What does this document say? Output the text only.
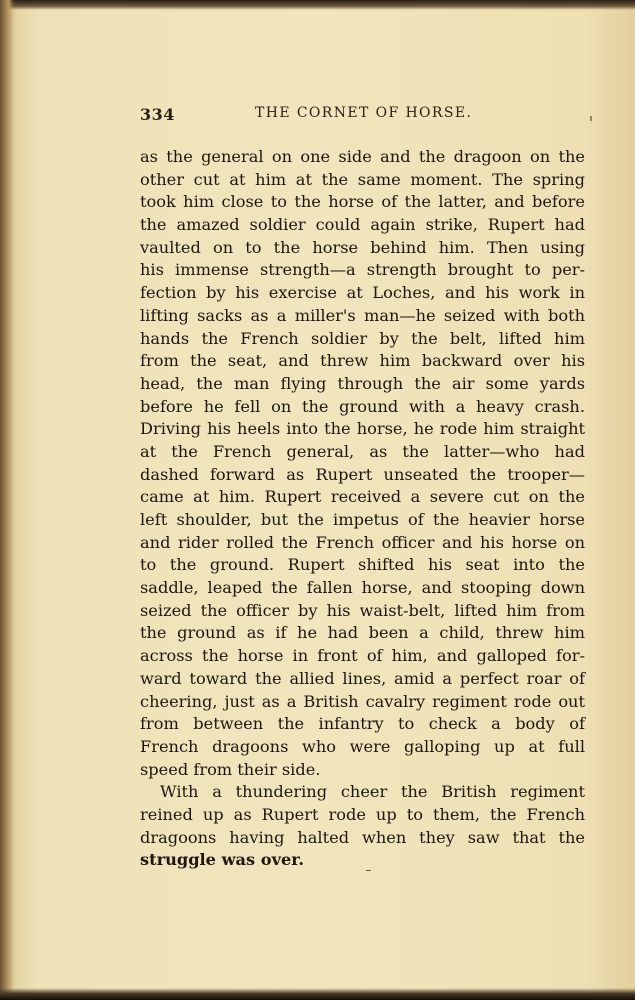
334	THE CORNET OF HORSE.
as the general on one side and the dragoon on the
other cut at him at the same moment. The spring
took him close to the horse of the latter, and before
the amazed soldier could again strike, Rupert had
vaulted on to the horse behind him. Then using
his immense strength—a strength brought to per-
fection by his exercise at Loches, and his work in
lifting sacks as a miller's man—he seized with both
hands the French soldier by the belt, lifted him
from the seat, and threw him backward over his
head, the man flying through the air some yards
before he fell on the ground with a heavy crash.
Driving his heels into the horse, he rode him straight
at the French general, as the latter—who had
dashed forward as Rupert unseated the trooper—
came at him. Rupert received a severe cut on the
left shoulder, but the impetus of the heavier horse
and rider rolled the French officer and his horse on
to the ground. Rupert shifted his seat into the
saddle, leaped the fallen horse, and stooping down
seized the officer by his waist-belt, lifted him from
the ground as if he had been a child, threw him
across the horse in front of him, and galloped for-
ward toward the allied lines, amid a perfect roar of
cheering, just as a British cavalry regiment rode out
from between the infantry to check a body of
French dragoons who were galloping up at full
speed from their side.
With a thundering cheer the British regiment
reined up as Rupert rode up to them, the French
dragoons having halted when they saw that the
struggle was over.
